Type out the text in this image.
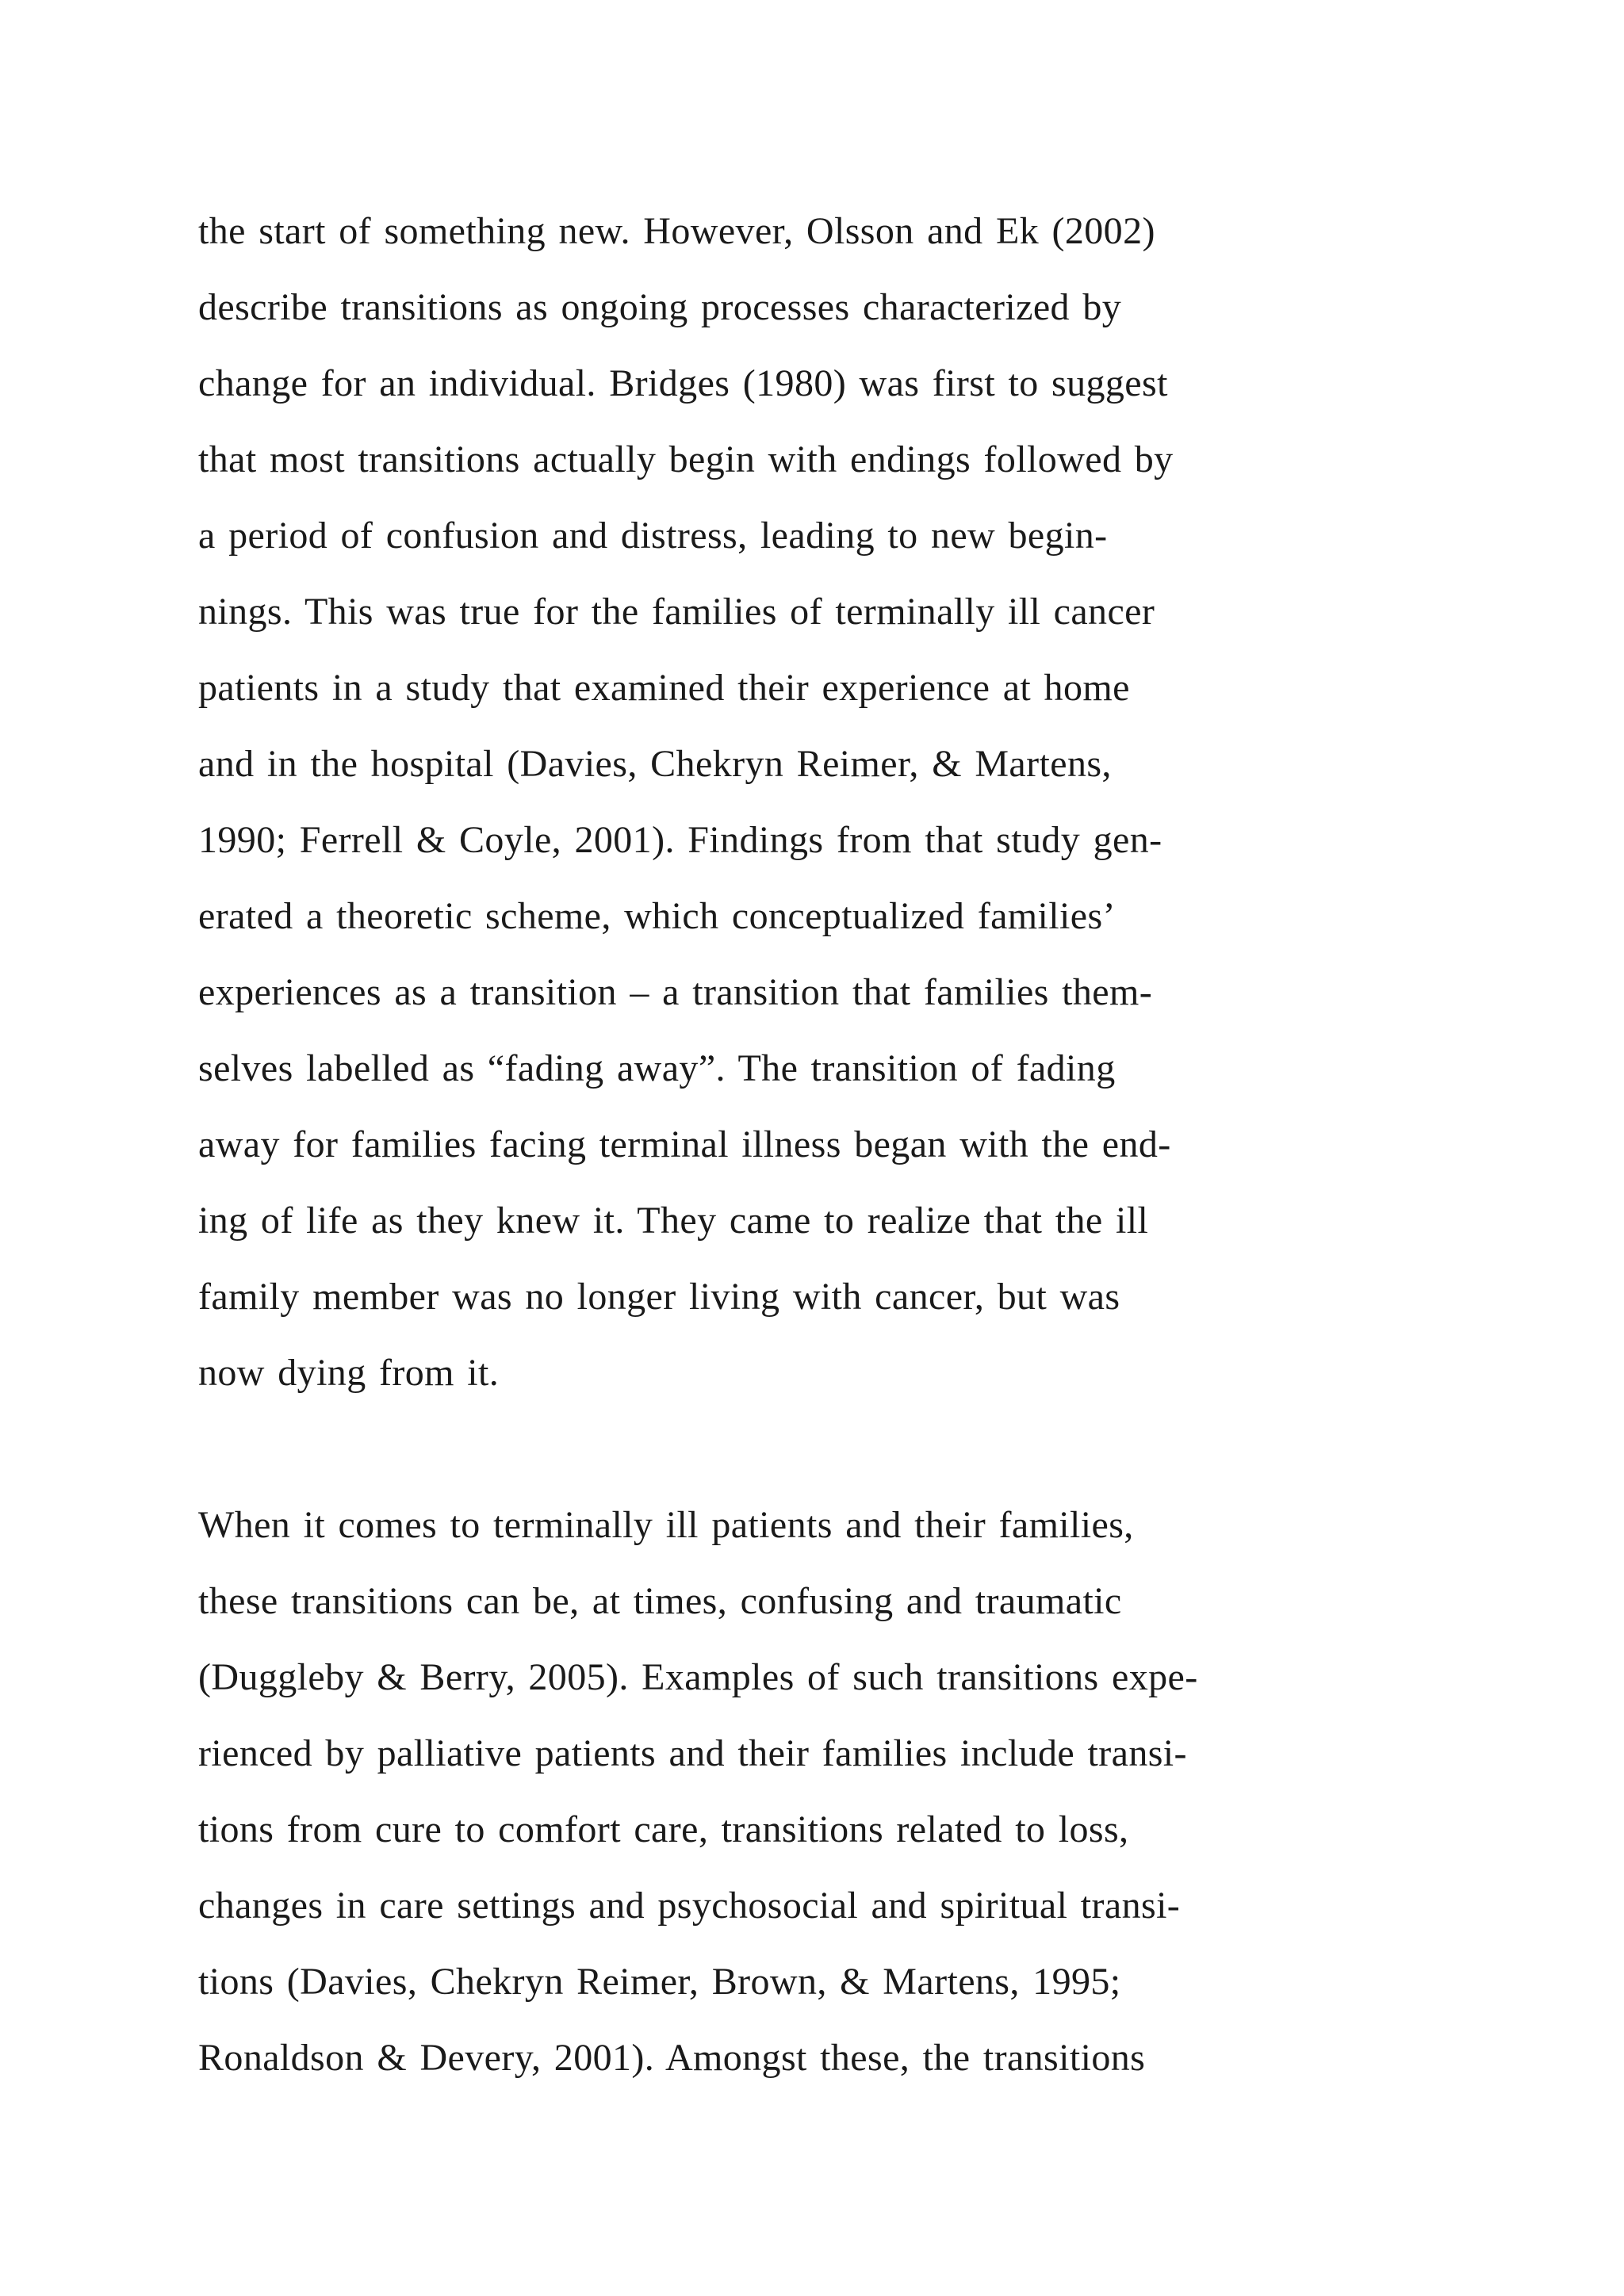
the start of something new. However, Olsson and Ek (2002)
describe transitions as ongoing processes characterized by
change for an individual. Bridges (1980) was first to suggest
that most transitions actually begin with endings followed by
a period of confusion and distress, leading to new begin-
nings. This was true for the families of terminally ill cancer
patients in a study that examined their experience at home
and in the hospital (Davies, Chekryn Reimer, & Martens,
1990; Ferrell & Coyle, 2001). Findings from that study gen-
erated a theoretic scheme, which conceptualized families’
experiences as a transition – a transition that families them-
selves labelled as “fading away”. The transition of fading
away for families facing terminal illness began with the end-
ing of life as they knew it. They came to realize that the ill
family member was no longer living with cancer, but was
now dying from it.
When it comes to terminally ill patients and their families,
these transitions can be, at times, confusing and traumatic
(Duggleby & Berry, 2005). Examples of such transitions expe-
rienced by palliative patients and their families include transi-
tions from cure to comfort care, transitions related to loss,
changes in care settings and psychosocial and spiritual transi-
tions (Davies, Chekryn Reimer, Brown, & Martens, 1995;
Ronaldson & Devery, 2001). Amongst these, the transitions
